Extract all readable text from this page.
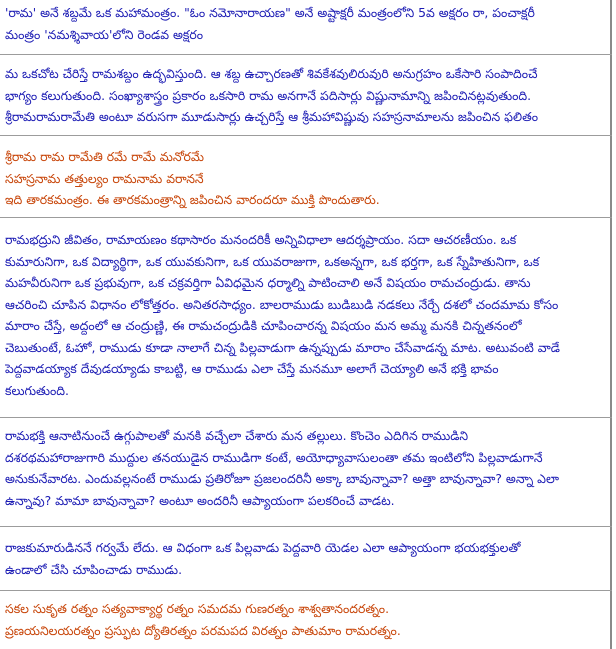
'రామ' అనే శబ్దమే ఒక మహామంత్రం. "ఓం నమోనారాయణ" అనే అష్టాక్షరీ మంత్రంలోని 5వ అక్షరం రా, పంచాక్షరీ
మంత్రం 'నమశ్శివాయ'లోని రెండవ అక్షరం
మ ఒకచోట చేరిస్తే రామశబ్దం ఉద్భవిస్తుంది. ఆ శబ్ద ఉచ్చారణతో శివకేశవులిరువురి అనుగ్రహం ఒకేసారి సంపాదించే
భాగ్యం కలుగుతుంది. సంఖ్యాశాస్త్రం ప్రకారం ఒకసారి రామ అనగానే పదిసార్లు విష్ణునామాన్ని జపించినట్లవుతుంది.
శ్రీరామరామరామేతి అంటూ వరుసగా మూడుసార్లు ఉచ్చరిస్తే ఆ శ్రీమహావిష్ణువు సహస్రనామాలను జపించిన ఫలితం
శ్రీరామ రామ రామేతి రమే రామే మనోరమే
సహస్రనామ తత్తుల్యం రామనామ వరాననే
ఇది తారకమంత్రం. ఈ తారకమంత్రాన్ని జపించిన వారందరూ ముక్తి పొందుతారు.
రామభద్రుని జీవితం, రామాయణం కథాసారం మనందరికీ అన్నివిధాలా ఆదర్శప్రాయం. సదా ఆచరణీయం. ఒక
కుమారునిగా, ఒక విద్యార్థిగా, ఒక యువకునిగా, ఒక యువరాజుగా, ఒకఅన్నగా, ఒక భర్తగా, ఒక స్నేహితునిగా, ఒక
మహవీరునిగా ఒక ప్రభువుగా, ఒక చక్రవర్తిగా ఏవిధమైన ధర్మాల్ని పాటించాలి అనే విషయం రామచంద్రుడు. తాను
ఆచరించి చూపిన విధానం లోకోత్తరం. అనితరసాధ్యం. బాలరాముడు బుడిబుడి నడకలు నేర్చే దశలో చందమామ కోసం
మారాం చేస్తే, అద్దంలో ఆ చంద్రుణ్ణి, ఈ రామచంద్రుడికి చూపించారన్న విషయం మన అమ్మ మనకి చిన్నతనంలో
చెబుతుంటే, ఓహో, రాముడు కూడా నాలాగే చిన్న పిల్లవాడుగా ఉన్నప్పుడు మారాం చేసేవాడన్న మాట. అటువంటి వాడే
పెద్దవాడయ్యాక దేవుడయ్యాడు కాబట్టి, ఆ రాముడు ఎలా చేస్తే మనమూ అలాగే చెయ్యాలి అనే భక్తి భావం
కలుగుతుంది.
రామభక్తి ఆనాటినుంచే ఉగ్గుపాలతో మనకి వచ్చేలా చేశారు మన తల్లులు. కొంచెం ఎదిగిన రాముడిని
దశరథమహారాజుగారి ముద్దుల తనయుడైన రాముడిగా కంటే, అయోధ్యావాసులంతా తమ ఇంటిలోని పిల్లవాడుగానే
అనుకునేవారట. ఎందువల్లనంటే రాముడు ప్రతిరోజూ ప్రజలందరినీ అక్కా బావున్నావా? అత్తా బావున్నావా? అన్నా ఎలా
ఉన్నావు? మామా బావున్నావా? అంటూ అందరినీ ఆప్యాయంగా పలకరించే వాడట.
రాజకుమారుడిననే గర్వమే లేదు. ఆ విధంగా ఒక పిల్లవాడు పెద్దవారి యెడల ఎలా ఆప్యాయంగా భయభక్తులతో
ఉండాలో చేసి చూపించాడు రాముడు.
సకల సుకృత రత్నం సత్యవాక్యార్థ రత్నం సమదమ గుణరత్నం శాశ్వతానందరత్నం.
ప్రణయనిలయరత్నం ప్రస్ఫుట ద్యోతిరత్నం పరమపద విరత్నం పాతుమాం రామరత్నం.
